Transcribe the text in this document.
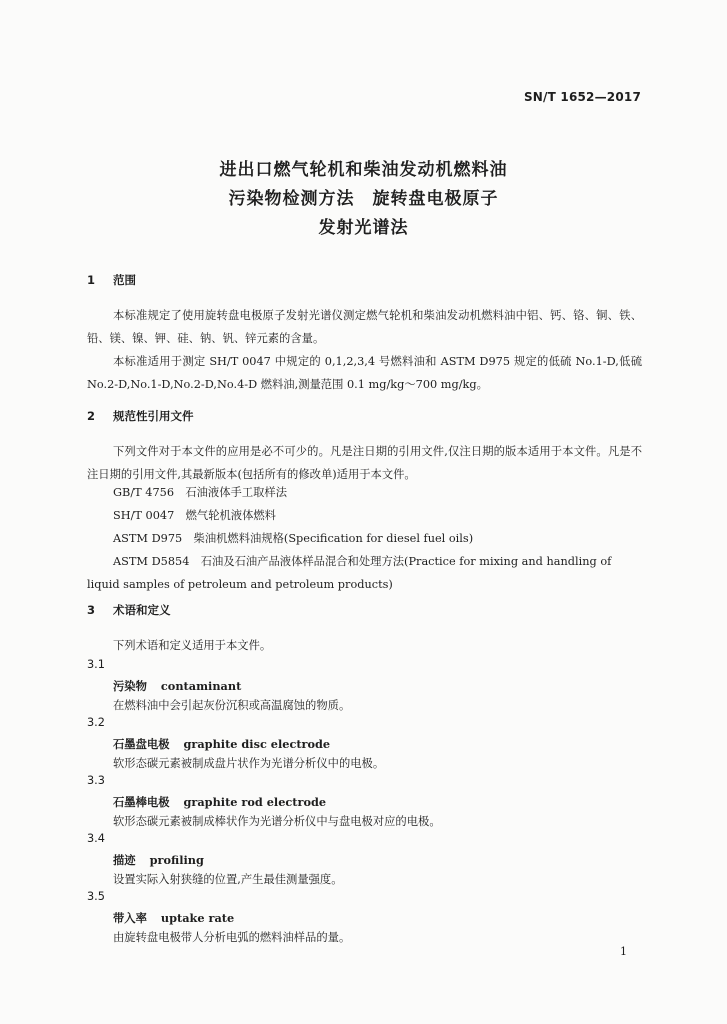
SN/T 1652—2017
进出口燃气轮机和柴油发动机燃料油
污染物检测方法　旋转盘电极原子
发射光谱法
1 范围
本标准规定了使用旋转盘电极原子发射光谱仪测定燃气轮机和柴油发动机燃料油中铝、钙、铬、铜、铁、铅、镁、镍、钾、硅、钠、钒、锌元素的含量。
本标准适用于测定 SH/T 0047 中规定的 0,1,2,3,4 号燃料油和 ASTM D975 规定的低硫 No.1-D,低硫 No.2-D,No.1-D,No.2-D,No.4-D 燃料油,测量范围 0.1 mg/kg～700 mg/kg。
2 规范性引用文件
下列文件对于本文件的应用是必不可少的。凡是注日期的引用文件,仅注日期的版本适用于本文件。凡是不注日期的引用文件,其最新版本(包括所有的修改单)适用于本文件。
GB/T 4756　 石油液体手工取样法
SH/T 0047　 燃气轮机液体燃料
ASTM D975　 柴油机燃料油规格(Specification for diesel fuel oils)
ASTM D5854　石油及石油产品液体样品混合和处理方法(Practice for mixing and handling of
liquid samples of petroleum and petroleum products)
3 术语和定义
下列术语和定义适用于本文件。
3.1
污染物 contaminant
在燃料油中会引起灰份沉积或高温腐蚀的物质。
3.2
石墨盘电极 graphite disc electrode
软形态碳元素被制成盘片状作为光谱分析仪中的电极。
3.3
石墨棒电极 graphite rod electrode
软形态碳元素被制成棒状作为光谱分析仪中与盘电极对应的电极。
3.4
描迹 profiling
设置实际入射狭缝的位置,产生最佳测量强度。
3.5
带入率 uptake rate
由旋转盘电极带人分析电弧的燃料油样品的量。
1
